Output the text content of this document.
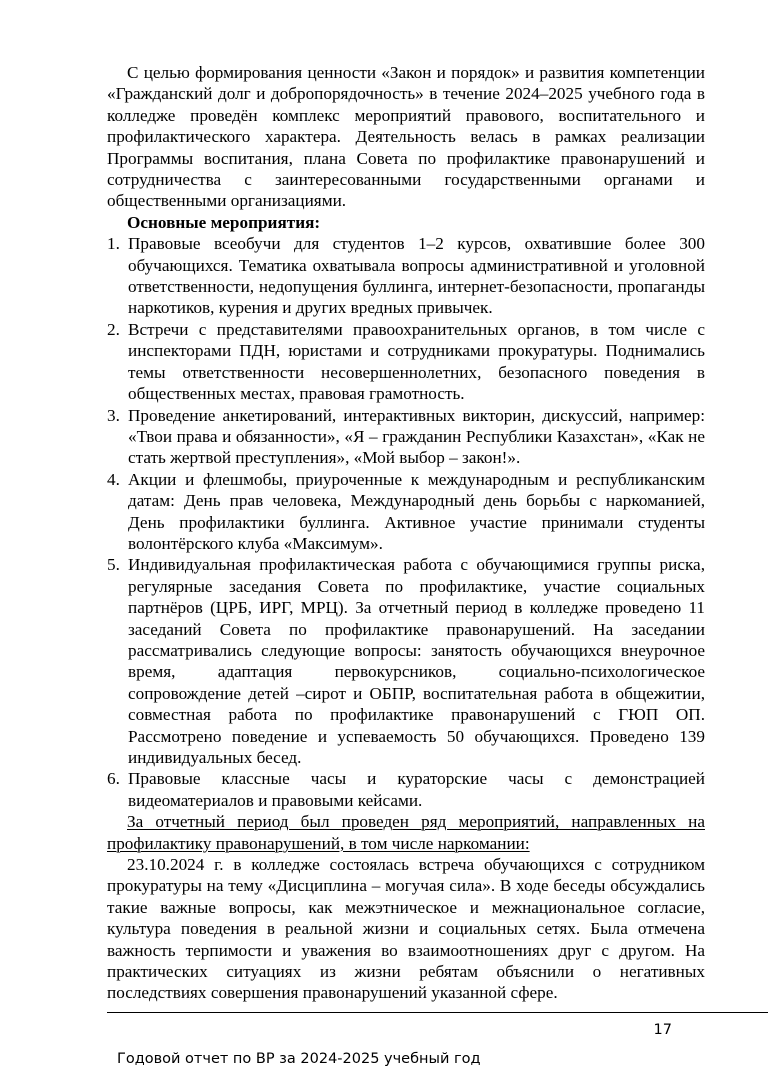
С целью формирования ценности «Закон и порядок» и развития компетенции «Гражданский долг и добропорядочность» в течение 2024–2025 учебного года в колледже проведён комплекс мероприятий правового, воспитательного и профилактического характера. Деятельность велась в рамках реализации Программы воспитания, плана Совета по профилактике правонарушений и сотрудничества с заинтересованными государственными органами и общественными организациями.

Основные мероприятия:
1. Правовые всеобучи для студентов 1–2 курсов, охватившие более 300 обучающихся. Тематика охватывала вопросы административной и уголовной ответственности, недопущения буллинга, интернет-безопасности, пропаганды наркотиков, курения и других вредных привычек.
2. Встречи с представителями правоохранительных органов, в том числе с инспекторами ПДН, юристами и сотрудниками прокуратуры. Поднимались темы ответственности несовершеннолетних, безопасного поведения в общественных местах, правовая грамотность.
3. Проведение анкетирований, интерактивных викторин, дискуссий, например: «Твои права и обязанности», «Я – гражданин Республики Казахстан», «Как не стать жертвой преступления», «Мой выбор – закон!».
4. Акции и флешмобы, приуроченные к международным и республиканским датам: День прав человека, Международный день борьбы с наркоманией, День профилактики буллинга. Активное участие принимали студенты волонтёрского клуба «Максимум».
5. Индивидуальная профилактическая работа с обучающимися группы риска, регулярные заседания Совета по профилактике, участие социальных партнёров (ЦРБ, ИРГ, МРЦ). За отчетный период в колледже проведено 11 заседаний Совета по профилактике правонарушений. На заседании рассматривались следующие вопросы: занятость обучающихся внеурочное время, адаптация первокурсников, социально-психологическое сопровождение детей –сирот и ОБПР, воспитательная работа в общежитии, совместная работа по профилактике правонарушений с ГЮП ОП. Рассмотрено поведение и успеваемость 50 обучающихся. Проведено 139 индивидуальных бесед.
6. Правовые классные часы и кураторские часы с демонстрацией видеоматериалов и правовыми кейсами.

За отчетный период был проведен ряд мероприятий, направленных на профилактику правонарушений, в том числе наркомании:

23.10.2024 г. в колледже состоялась встреча обучающихся с сотрудником прокуратуры на тему «Дисциплина – могучая сила». В ходе беседы обсуждались такие важные вопросы, как межэтническое и межнациональное согласие, культура поведения в реальной жизни и социальных сетях. Была отмечена важность терпимости и уважения во взаимоотношениях друг с другом. На практических ситуациях из жизни ребятам объяснили о негативных последствиях совершения правонарушений указанной сфере.

17
Годовой отчет по ВР за 2024-2025 учебный год
